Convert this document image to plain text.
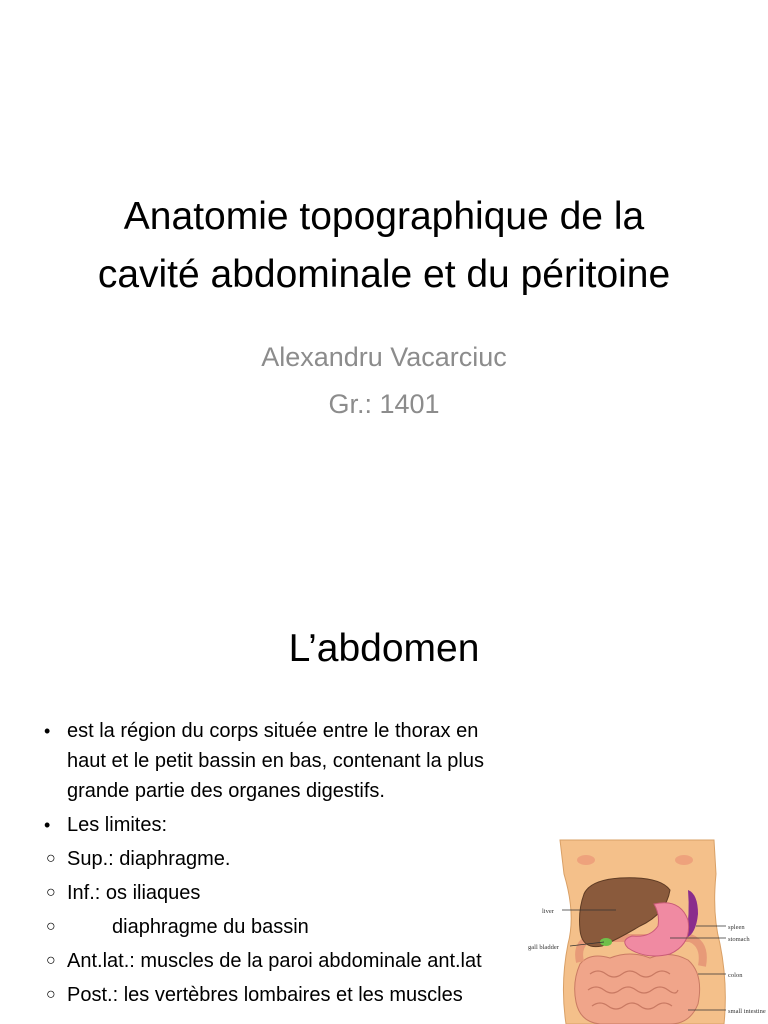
Anatomie topographique de la
cavité abdominale et du péritoine
Alexandru Vacarciuc
Gr.: 1401
L’abdomen
• est la région du corps située entre le thorax en haut et le petit bassin en bas, contenant la plus grande partie des organes digestifs.
• Les limites:
○ Sup.: diaphragme.
○ Inf.: os iliaques
○	diaphragme du bassin
○ Ant.lat.: muscles de la paroi abdominale ant.lat
○ Post.: les vertèbres lombaires et les muscles
liver
gall bladder
spleen
stomach
colon
small intestine
